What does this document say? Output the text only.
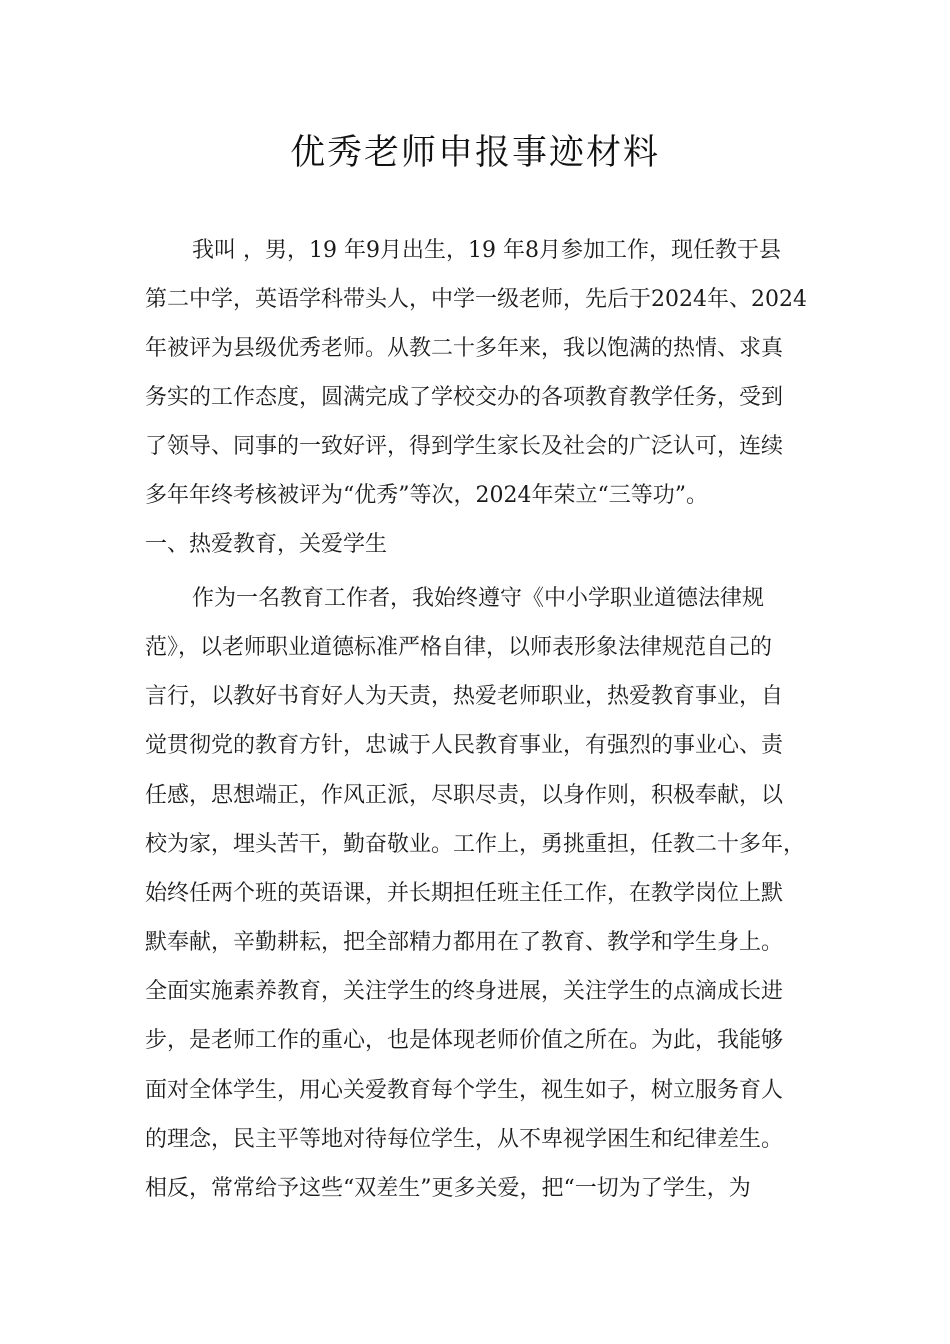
优秀老师申报事迹材料
我叫 ，男，19 年9月出生，19 年8月参加工作，现任教于县
第二中学，英语学科带头人，中学一级老师，先后于2024年、2024
年被评为县级优秀老师。从教二十多年来，我以饱满的热情、求真
务实的工作态度，圆满完成了学校交办的各项教育教学任务，受到
了领导、同事的一致好评，得到学生家长及社会的广泛认可，连续
多年年终考核被评为“优秀”等次，2024年荣立“三等功”。
一、热爱教育，关爱学生
作为一名教育工作者，我始终遵守《中小学职业道德法律规
范》，以老师职业道德标准严格自律，以师表形象法律规范自己的
言行，以教好书育好人为天责，热爱老师职业，热爱教育事业，自
觉贯彻党的教育方针，忠诚于人民教育事业，有强烈的事业心、责
任感，思想端正，作风正派，尽职尽责，以身作则，积极奉献，以
校为家，埋头苦干，勤奋敬业。工作上，勇挑重担，任教二十多年，
始终任两个班的英语课，并长期担任班主任工作，在教学岗位上默
默奉献，辛勤耕耘，把全部精力都用在了教育、教学和学生身上。
全面实施素养教育，关注学生的终身进展，关注学生的点滴成长进
步，是老师工作的重心，也是体现老师价值之所在。为此，我能够
面对全体学生，用心关爱教育每个学生，视生如子，树立服务育人
的理念，民主平等地对待每位学生，从不卑视学困生和纪律差生。
相反，常常给予这些“双差生”更多关爱，把“一切为了学生，为
